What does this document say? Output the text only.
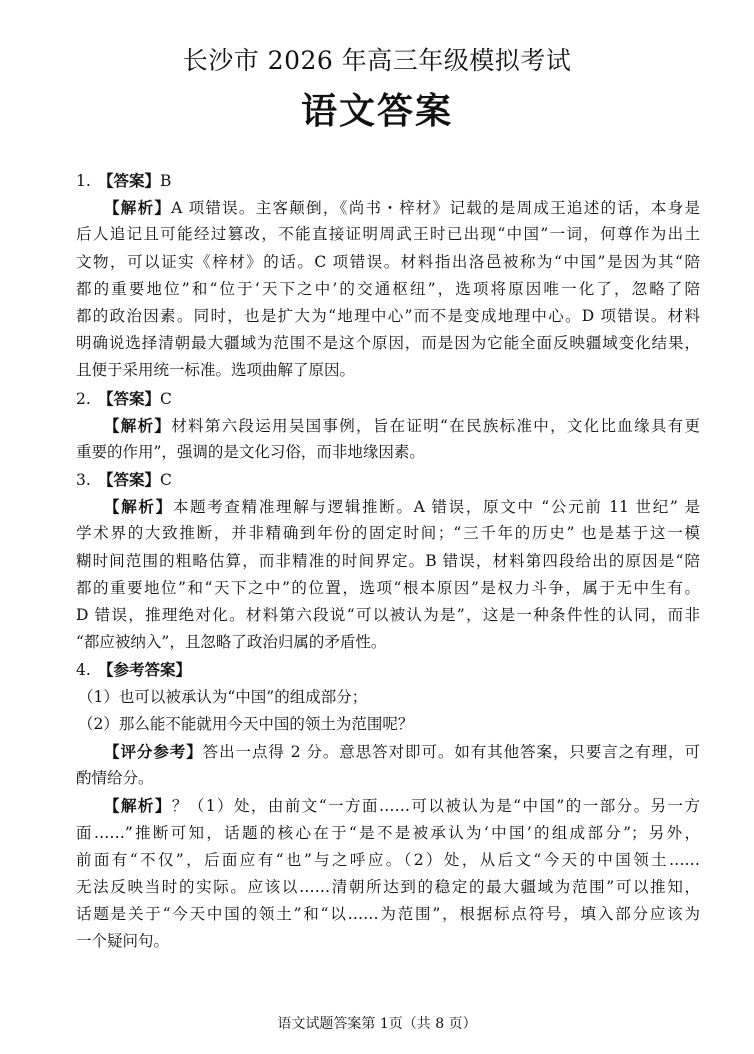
长沙市 2026 年高三年级模拟考试
语文答案
1. 【答案】B
【解析】A 项错误。主客颠倒，《尚书・梓材》记载的是周成王追述的话，本身是
后人追记且可能经过篡改，不能直接证明周武王时已出现“中国”一词，何尊作为出土
文物，可以证实《梓材》的话。C 项错误。材料指出洛邑被称为“中国”是因为其“陪
都的重要地位”和“位于‘天下之中’的交通枢纽”，选项将原因唯一化了，忽略了陪
都的政治因素。同时，也是扩大为“地理中心”而不是变成地理中心。D 项错误。材料
明确说选择清朝最大疆域为范围不是这个原因，而是因为它能全面反映疆域变化结果，
且便于采用统一标准。选项曲解了原因。
2. 【答案】C
【解析】材料第六段运用吴国事例，旨在证明“在民族标准中，文化比血缘具有更
重要的作用”，强调的是文化习俗，而非地缘因素。
3. 【答案】C
【解析】本题考查精准理解与逻辑推断。A 错误，原文中 “公元前 11 世纪” 是
学术界的大致推断，并非精确到年份的固定时间；“三千年的历史” 也是基于这一模
糊时间范围的粗略估算，而非精准的时间界定。B 错误，材料第四段给出的原因是“陪
都的重要地位”和“天下之中”的位置，选项“根本原因”是权力斗争，属于无中生有。
D 错误，推理绝对化。材料第六段说“可以被认为是”，这是一种条件性的认同，而非
“都应被纳入”，且忽略了政治归属的矛盾性。
4. 【参考答案】
（1）也可以被承认为“中国”的组成部分；
（2）那么能不能就用今天中国的领土为范围呢？
【评分参考】答出一点得 2 分。意思答对即可。如有其他答案，只要言之有理，可
酌情给分。
【解析】？（1）处，由前文“一方面……可以被认为是“中国”的一部分。另一方
面……”推断可知，话题的核心在于“是不是被承认为‘中国’的组成部分”；另外，
前面有“不仅”，后面应有“也”与之呼应。（2）处，从后文“今天的中国领土……
无法反映当时的实际。应该以……清朝所达到的稳定的最大疆域为范围”可以推知，
话题是关于“今天中国的领土”和“以……为范围”，根据标点符号，填入部分应该为
一个疑问句。
语文试题答案第 1页（共 8 页）
